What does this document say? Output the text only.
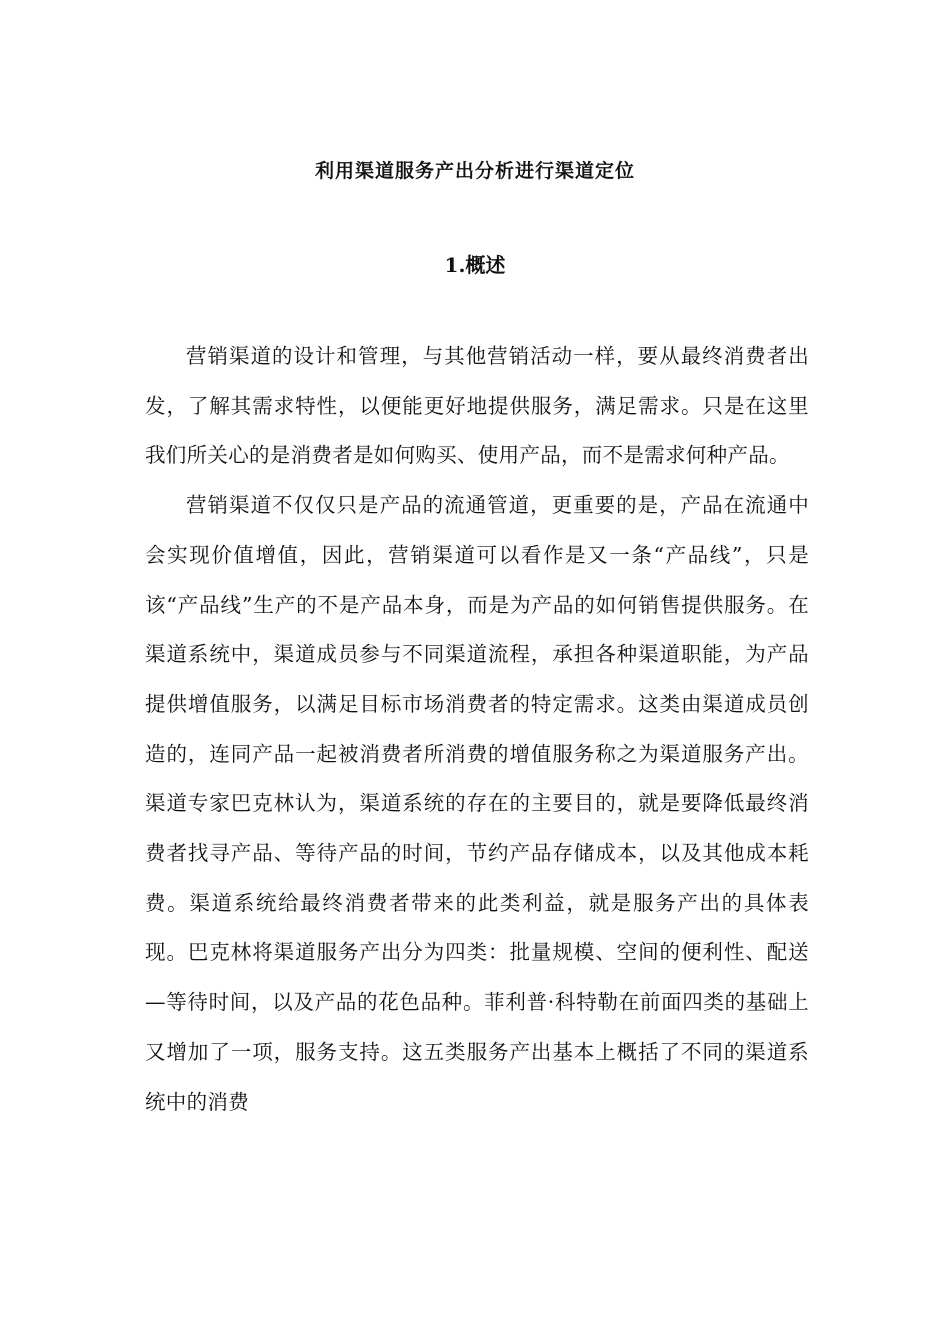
利用渠道服务产出分析进行渠道定位
1.概述

营销渠道的设计和管理，与其他营销活动一样，要从最终消费者出发，了解其需求特性，以便能更好地提供服务，满足需求。只是在这里我们所关心的是消费者是如何购买、使用产品，而不是需求何种产品。

营销渠道不仅仅只是产品的流通管道，更重要的是，产品在流通中会实现价值增值，因此，营销渠道可以看作是又一条“产品线”，只是该“产品线”生产的不是产品本身，而是为产品的如何销售提供服务。在渠道系统中，渠道成员参与不同渠道流程，承担各种渠道职能，为产品提供增值服务，以满足目标市场消费者的特定需求。这类由渠道成员创造的，连同产品一起被消费者所消费的增值服务称之为渠道服务产出。渠道专家巴克林认为，渠道系统的存在的主要目的，就是要降低最终消费者找寻产品、等待产品的时间，节约产品存储成本，以及其他成本耗费。渠道系统给最终消费者带来的此类利益，就是服务产出的具体表现。巴克林将渠道服务产出分为四类：批量规模、空间的便利性、配送—等待时间，以及产品的花色品种。菲利普·科特勒在前面四类的基础上又增加了一项，服务支持。这五类服务产出基本上概括了不同的渠道系统中的消费
